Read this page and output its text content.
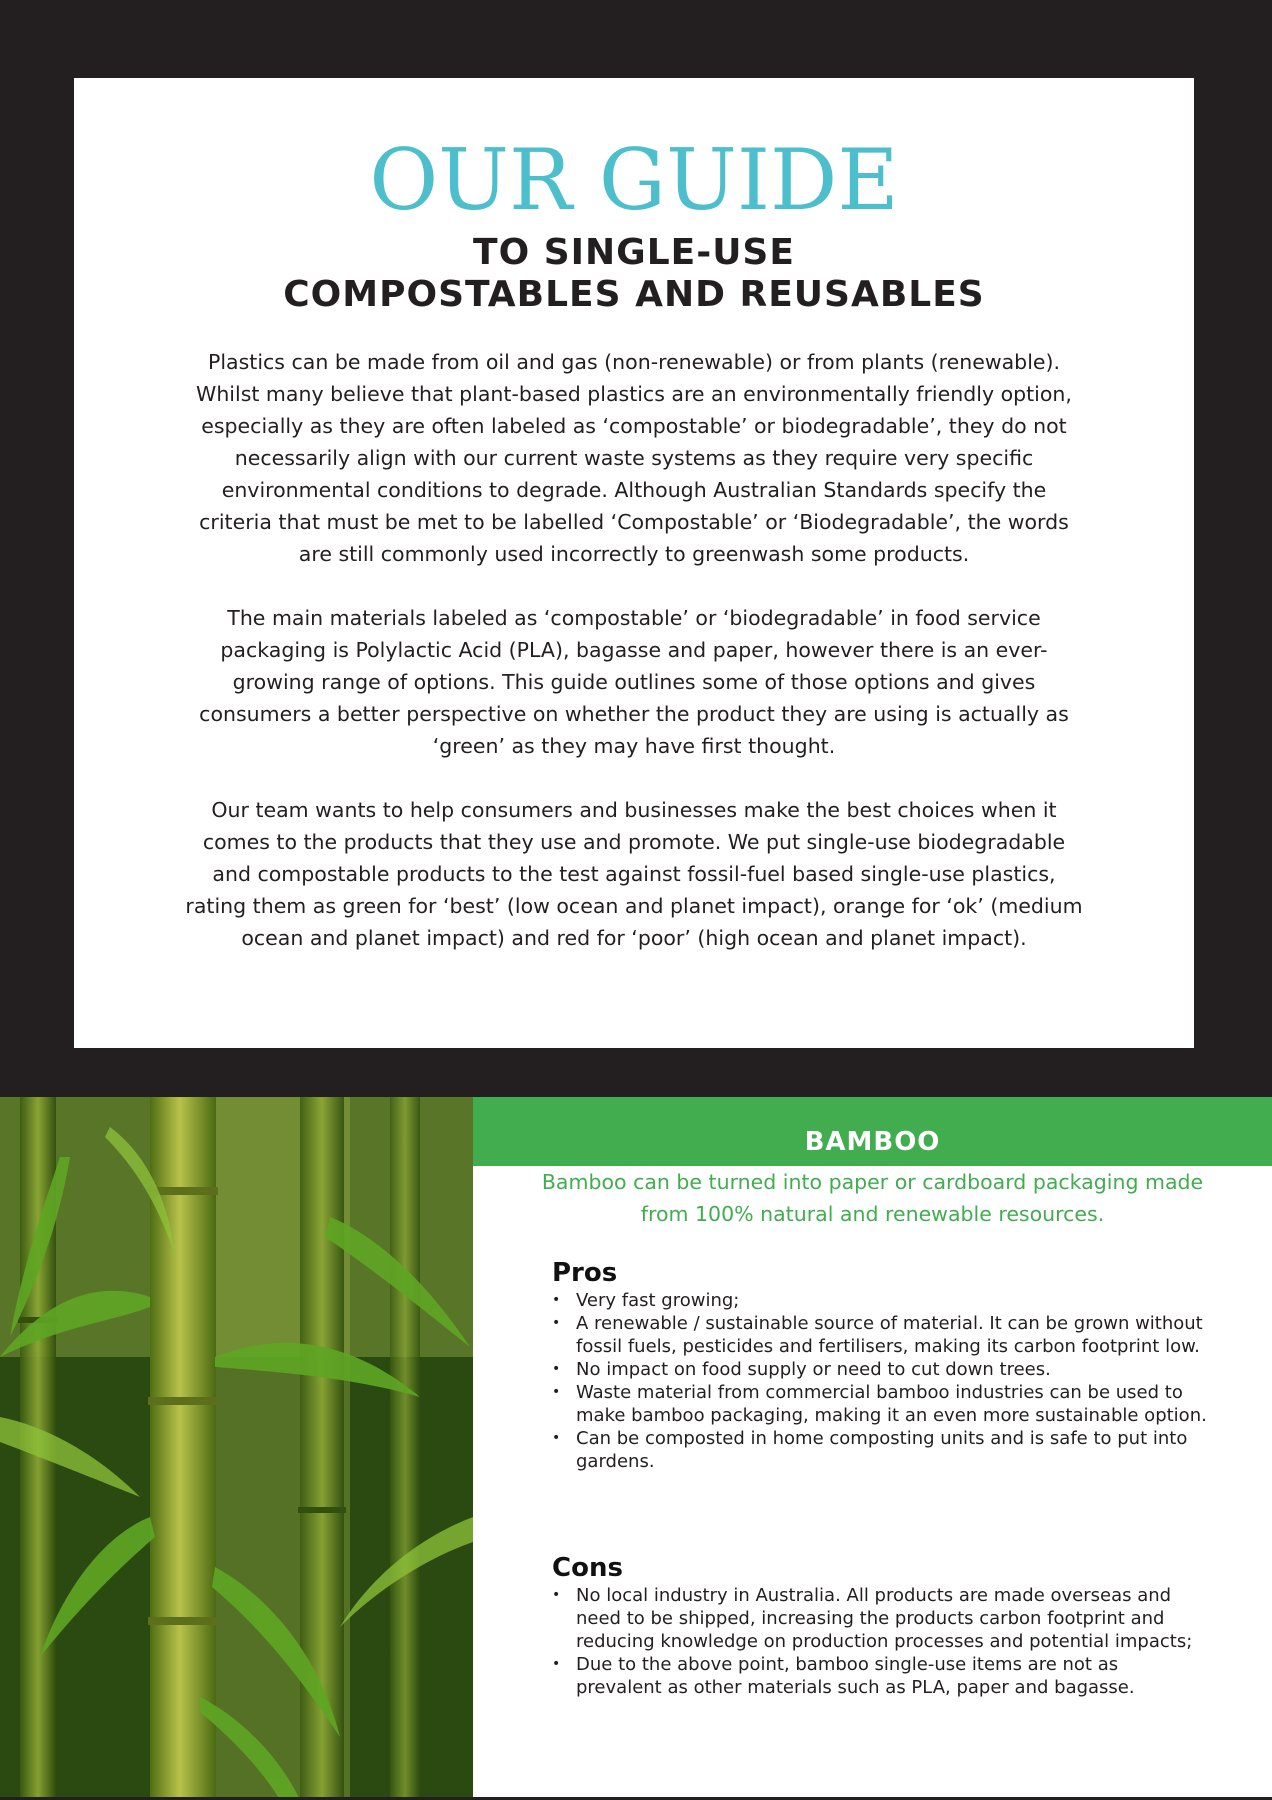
OUR GUIDE
TO SINGLE-USE
COMPOSTABLES AND REUSABLES

Plastics can be made from oil and gas (non-renewable) or from plants (renewable). Whilst many believe that plant-based plastics are an environmentally friendly option, especially as they are often labeled as ‘compostable’ or biodegradable’, they do not necessarily align with our current waste systems as they require very specific environmental conditions to degrade. Although Australian Standards specify the criteria that must be met to be labelled ‘Compostable’ or ‘Biodegradable’, the words are still commonly used incorrectly to greenwash some products.

The main materials labeled as ‘compostable’ or ‘biodegradable’ in food service packaging is Polylactic Acid (PLA), bagasse and paper, however there is an ever-growing range of options. This guide outlines some of those options and gives consumers a better perspective on whether the product they are using is actually as ‘green’ as they may have first thought.

Our team wants to help consumers and businesses make the best choices when it comes to the products that they use and promote. We put single-use biodegradable and compostable products to the test against fossil-fuel based single-use plastics, rating them as green for ‘best’ (low ocean and planet impact), orange for ‘ok’ (medium ocean and planet impact) and red for ‘poor’ (high ocean and planet impact).

BAMBOO

Bamboo can be turned into paper or cardboard packaging made from 100% natural and renewable resources.

Pros
• Very fast growing;
• A renewable / sustainable source of material. It can be grown without fossil fuels, pesticides and fertilisers, making its carbon footprint low.
• No impact on food supply or need to cut down trees.
• Waste material from commercial bamboo industries can be used to make bamboo packaging, making it an even more sustainable option.
• Can be composted in home composting units and is safe to put into gardens.
Cons
• No local industry in Australia. All products are made overseas and need to be shipped, increasing the products carbon footprint and reducing knowledge on production processes and potential impacts;
• Due to the above point, bamboo single-use items are not as prevalent as other materials such as PLA, paper and bagasse.
